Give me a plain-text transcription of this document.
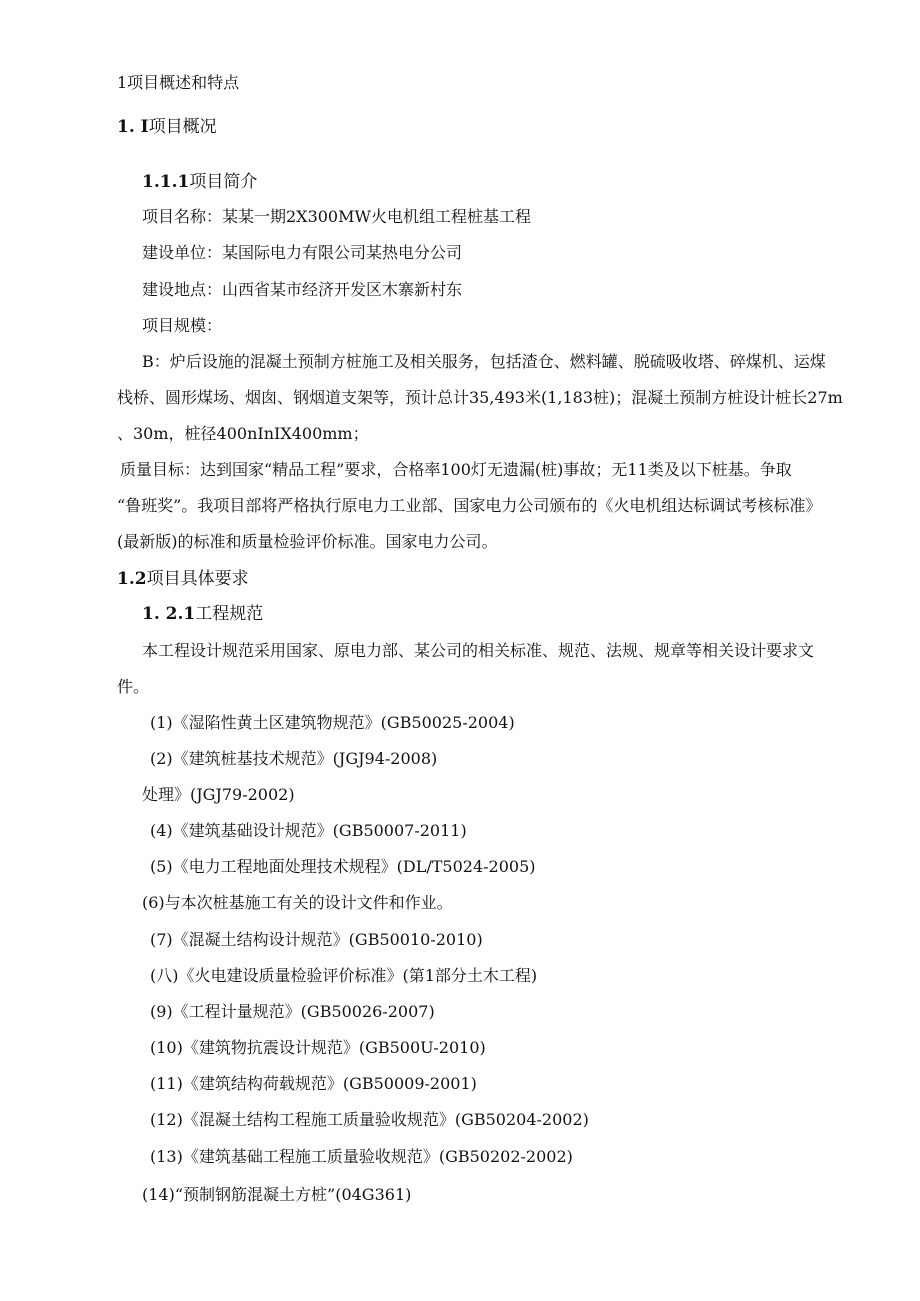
1项目概述和特点
1. I项目概况
1.1.1项目简介
项目名称：某某一期2X300MW火电机组工程桩基工程
建设单位：某国际电力有限公司某热电分公司
建设地点：山西省某市经济开发区木寨新村东
项目规模：
B：炉后设施的混凝土预制方桩施工及相关服务，包括渣仓、燃料罐、脱硫吸收塔、碎煤机、运煤
栈桥、圆形煤场、烟囱、钢烟道支架等，预计总计35,493米(1,183桩)；混凝土预制方桩设计桩长27m
、30m，桩径400nInIX400mm；
质量目标：达到国家“精品工程”要求，合格率100灯无遗漏(桩)事故；无11类及以下桩基。争取
“鲁班奖”。我项目部将严格执行原电力工业部、国家电力公司颁布的《火电机组达标调试考核标准》
(最新版)的标准和质量检验评价标准。国家电力公司。
1.2项目具体要求
1. 2.1工程规范
本工程设计规范采用国家、原电力部、某公司的相关标准、规范、法规、规章等相关设计要求文
件。
(1)《湿陷性黄土区建筑物规范》(GB50025-2004)
(2)《建筑桩基技术规范》(JGJ94-2008)
处理》(JGJ79-2002)
(4)《建筑基础设计规范》(GB50007-2011)
(5)《电力工程地面处理技术规程》(DL/T5024-2005)
(6)与本次桩基施工有关的设计文件和作业。
(7)《混凝土结构设计规范》(GB50010-2010)
(八)《火电建设质量检验评价标准》(第1部分土木工程)
(9)《工程计量规范》(GB50026-2007)
(10)《建筑物抗震设计规范》(GB500U-2010)
(11)《建筑结构荷载规范》(GB50009-2001)
(12)《混凝土结构工程施工质量验收规范》(GB50204-2002)
(13)《建筑基础工程施工质量验收规范》(GB50202-2002)
(14)“预制钢筋混凝土方桩”(04G361)
